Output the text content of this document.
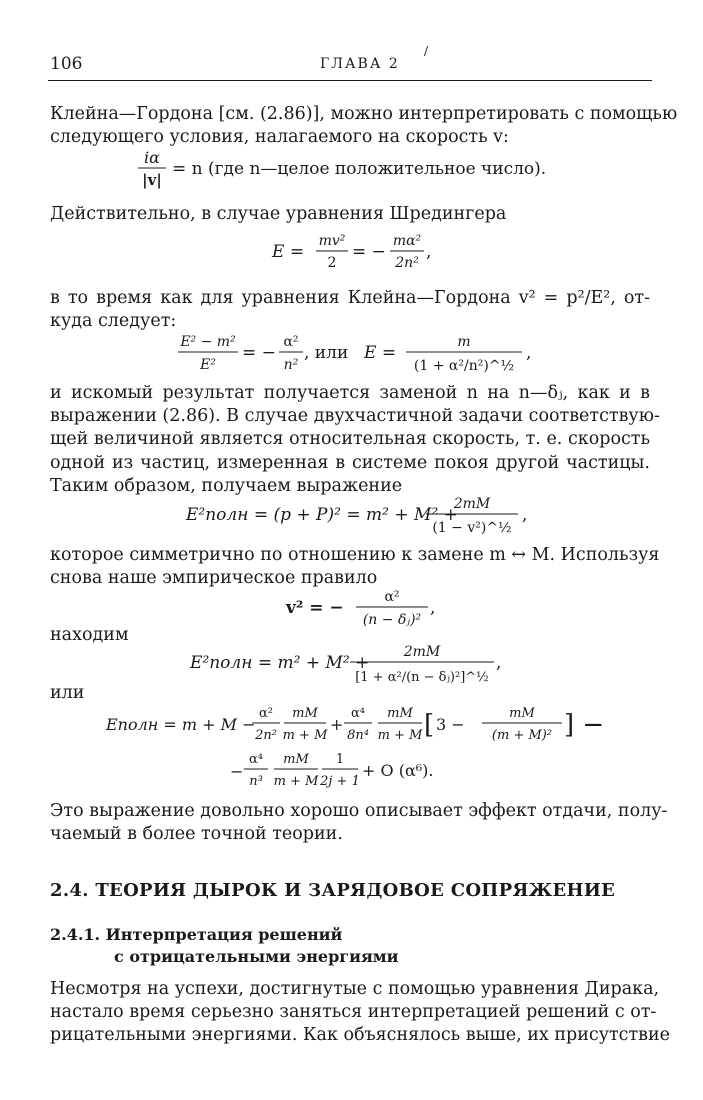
106	ГЛАВА 2
/
Клейна—Гордона [см. (2.86)], можно интерпретировать с помощью
следующего условия, налагаемого на скорость v:
iα
|v|
= n (где n—целое положительное число).
Действительно, в случае уравнения Шредингера
E =
mv²
2
= −
mα²
2n²
,
в то время как для уравнения Клейна—Гордона v² = p²/E², от-
куда следует:
E² − m²
E²
= −
α²
n²
, или E =
m
(1 + α²/n²)^½
,
и искомый результат получается заменой n на n—δⱼ, как и в
выражении (2.86). В случае двухчастичной задачи соответствую-
щей величиной является относительная скорость, т. е. скорость
одной из частиц, измеренная в системе покоя другой частицы.
Таким образом, получаем выражение
E²полн = (p + P)² = m² + M² +
2mM
(1 − v²)^½
,
которое симметрично по отношению к замене m ↔ M. Используя
снова наше эмпирическое правило
v² = −
α²
(n − δⱼ)²
,
находим
E²полн = m² + M² +
2mM
[1 + α²/(n − δⱼ)²]^½
,
или
Eполн = m + M −
α²
2n²
mM
m + M
+
α⁴
8n⁴
mM
m + M [ 3 −
mM
(m + M)² ] −
−
α⁴
n³
mM
m + M
1
2j + 1
+ O (α⁶).
Это выражение довольно хорошо описывает эффект отдачи, полу-
чаемый в более точной теории.
2.4. ТЕОРИЯ ДЫРОК И ЗАРЯДОВОЕ СОПРЯЖЕНИЕ
2.4.1. Интерпретация решений
с отрицательными энергиями
Несмотря на успехи, достигнутые с помощью уравнения Дирака,
настало время серьезно заняться интерпретацией решений с от-
рицательными энергиями. Как объяснялось выше, их присутствие
